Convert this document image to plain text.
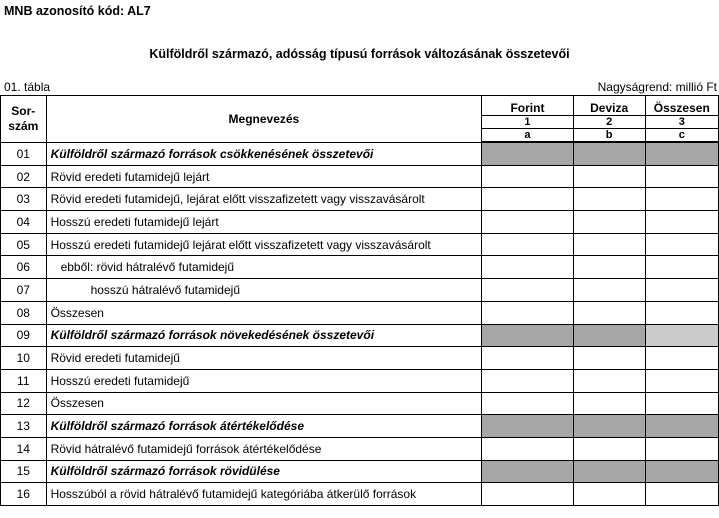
MNB azonosító kód: AL7
Külföldről származó, adósság típusú források változásának összetevői
01. tábla	Nagyságrend: millió Ft
Sor-
szám	Megnevezés	Forint	Deviza	Összesen
		1	2	3
		a	b	c
01	Külföldről származó források csökkenésének összetevői			
02	Rövid eredeti futamidejű lejárt			
03	Rövid eredeti futamidejű, lejárat előtt visszafizetett vagy visszavásárolt			
04	Hosszú eredeti futamidejű lejárt			
05	Hosszú eredeti futamidejű lejárat előtt visszafizetett vagy visszavásárolt			
06	ebből: rövid hátralévő futamidejű			
07	hosszú hátralévő futamidejű			
08	Összesen			
09	Külföldről származó források növekedésének összetevői			
10	Rövid eredeti futamidejű			
11	Hosszú eredeti futamidejű			
12	Összesen			
13	Külföldről származó források átértékelődése			
14	Rövid hátralévő futamidejű források átértékelődése			
15	Külföldről származó források rövidülése			
16	Hosszúból a rövid hátralévő futamidejű kategóriába átkerülő források			
